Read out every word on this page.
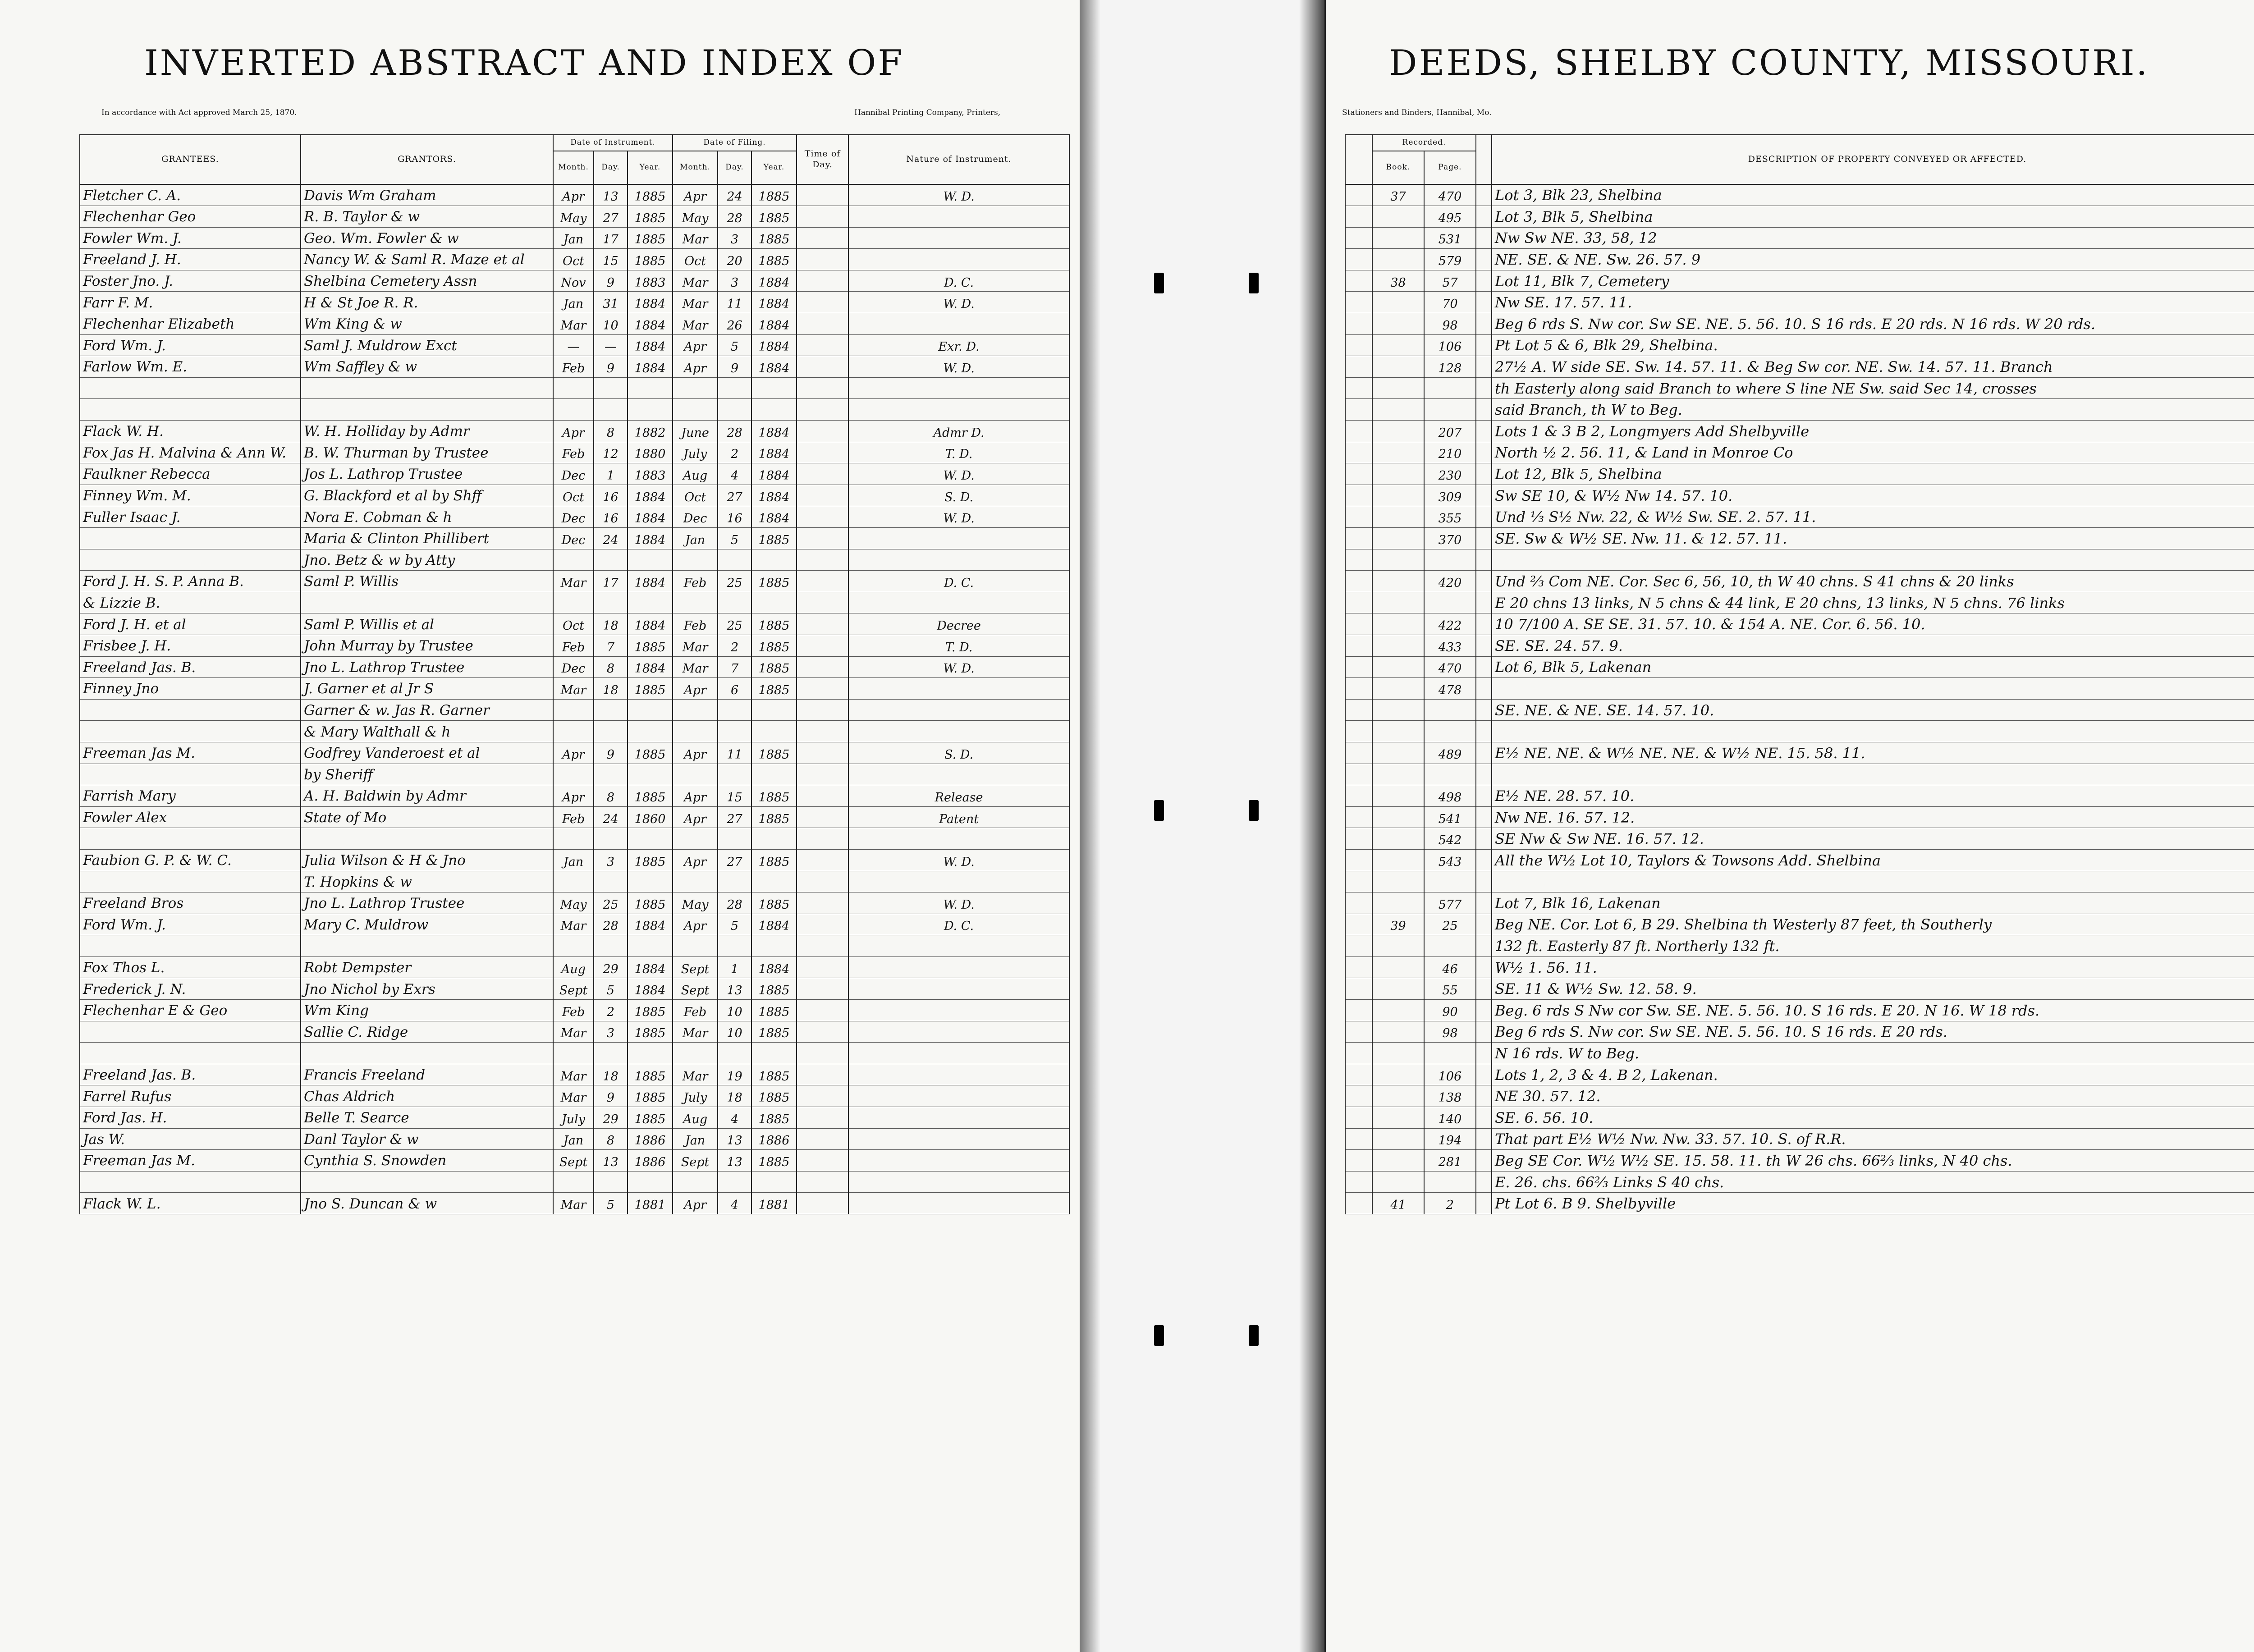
INVERTED ABSTRACT AND INDEX OF
In accordance with Act approved March 25, 1870.	Hannibal Printing Company, Printers,
GRANTEES.	GRANTORS.	Date of Instrument.			Date of Filing.			Time of Day.	Nature of Instrument.
		Month.	Day.	Year.	Month.	Day.	Year.		
Fletcher C. A.	Davis Wm Graham	Apr	13	1885	Apr	24	1885		W. D.
Flechenhar Geo	R. B. Taylor & w	May	27	1885	May	28	1885		
Fowler Wm. J.	Geo. Wm. Fowler & w	Jan	17	1885	Mar	3	1885		
Freeland J. H.	Nancy W. & Saml R. Maze et al	Oct	15	1885	Oct	20	1885		
Foster Jno. J.	Shelbina Cemetery Assn	Nov	9	1883	Mar	3	1884		D. C.
Farr F. M.	H & St Joe R. R.	Jan	31	1884	Mar	11	1884		W. D.
Flechenhar Elizabeth	Wm King & w	Mar	10	1884	Mar	26	1884		
Ford Wm. J.	Saml J. Muldrow Exct	—	—	1884	Apr	5	1884		Exr. D.
Farlow Wm. E.	Wm Saffley & w	Feb	9	1884	Apr	9	1884		W. D.

Flack W. H.	W. H. Holliday by Admr	Apr	8	1882	June	28	1884		Admr D.
Fox Jas H. Malvina & Ann W.	B. W. Thurman by Trustee	Feb	12	1880	July	2	1884		T. D.
Faulkner Rebecca	Jos L. Lathrop Trustee	Dec	1	1883	Aug	4	1884		W. D.
Finney Wm. M.	G. Blackford et al by Shff	Oct	16	1884	Oct	27	1884		S. D.
Fuller Isaac J.	Nora E. Cobman & h	Dec	16	1884	Dec	16	1884		W. D.
	Maria & Clinton Phillibert	Dec	24	1884	Jan	5	1885		
	Jno. Betz & w by Atty								
Ford J. H. S. P. Anna B.	Saml P. Willis	Mar	17	1884	Feb	25	1885		D. C.
& Lizzie B.									
Ford J. H. et al	Saml P. Willis et al	Oct	18	1884	Feb	25	1885		Decree
Frisbee J. H.	John Murray by Trustee	Feb	7	1885	Mar	2	1885		T. D.
Freeland Jas. B.	Jno L. Lathrop Trustee	Dec	8	1884	Mar	7	1885		W. D.
Finney Jno	J. Garner et al Jr S	Mar	18	1885	Apr	6	1885		
	Garner & w. Jas R. Garner								
	& Mary Walthall & h								
Freeman Jas M.	Godfrey Vanderoest et al	Apr	9	1885	Apr	11	1885		S. D.
	by Sheriff								
Farrish Mary	A. H. Baldwin by Admr	Apr	8	1885	Apr	15	1885		Release
Fowler Alex	State of Mo	Feb	24	1860	Apr	27	1885		Patent

Faubion G. P. & W. C.	Julia Wilson & H & Jno	Jan	3	1885	Apr	27	1885		W. D.
	T. Hopkins & w								
Freeland Bros	Jno L. Lathrop Trustee	May	25	1885	May	28	1885		W. D.
Ford Wm. J.	Mary C. Muldrow	Mar	28	1884	Apr	5	1884		D. C.

Fox Thos L.	Robt Dempster	Aug	29	1884	Sept	1	1884		
Frederick J. N.	Jno Nichol by Exrs	Sept	5	1884	Sept	13	1885		
Flechenhar E & Geo	Wm King	Feb	2	1885	Feb	10	1885		
	Sallie C. Ridge	Mar	3	1885	Mar	10	1885		

Freeland Jas. B.	Francis Freeland	Mar	18	1885	Mar	19	1885		
Farrel Rufus	Chas Aldrich	Mar	9	1885	July	18	1885		
Ford Jas. H.	Belle T. Searce	July	29	1885	Aug	4	1885		
Jas W.	Danl Taylor & w	Jan	8	1886	Jan	13	1886		
Freeman Jas M.	Cynthia S. Snowden	Sept	13	1886	Sept	13	1885		

Flack W. L.	Jno S. Duncan & w	Mar	5	1881	Apr	4	1881		
DEEDS, SHELBY COUNTY, MISSOURI.
Stationers and Binders, Hannibal, Mo.
	Recorded.			DESCRIPTION OF PROPERTY CONVEYED OR AFFECTED.			
	Book.	Page.					
	37	470		Lot 3, Blk 23, Shelbina			
		495		Lot 3, Blk 5, Shelbina			
		531		Nw Sw NE. 33, 58, 12			
		579		NE. SE. & NE. Sw. 26. 57. 9			
	38	57		Lot 11, Blk 7, Cemetery			
		70		Nw SE. 17. 57. 11.			
		98		Beg 6 rds S. Nw cor. Sw SE. NE. 5. 56. 10. S 16 rds. E 20 rds. N 16 rds. W 20 rds.			
		106		Pt Lot 5 & 6, Blk 29, Shelbina.			
		128		27½ A. W side SE. Sw. 14. 57. 11. & Beg Sw cor. NE. Sw. 14. 57. 11. Branch			
				th Easterly along said Branch to where S line NE Sw. said Sec 14, crosses			
				said Branch, th W to Beg.			
		207		Lots 1 & 3 B 2, Longmyers Add Shelbyville			
		210		North ½ 2. 56. 11, & Land in Monroe Co			
		230		Lot 12, Blk 5, Shelbina			
		309		Sw SE 10, & W½ Nw 14. 57. 10.			
		355		Und ⅓ S½ Nw. 22, & W½ Sw. SE. 2. 57. 11.			
		370		SE. Sw & W½ SE. Nw. 11. & 12. 57. 11.			

		420		Und ⅔ Com NE. Cor. Sec 6, 56, 10, th W 40 chns. S 41 chns & 20 links			
				E 20 chns 13 links, N 5 chns & 44 link, E 20 chns, 13 links, N 5 chns. 76 links			
		422		10 7/100 A. SE SE. 31. 57. 10. & 154 A. NE. Cor. 6. 56. 10.			
		433		SE. SE. 24. 57. 9.			
		470		Lot 6, Blk 5, Lakenan			
		478					
				SE. NE. & NE. SE. 14. 57. 10.			

		489		E½ NE. NE. & W½ NE. NE. & W½ NE. 15. 58. 11.			

		498		E½ NE. 28. 57. 10.			
		541		Nw NE. 16. 57. 12.			
		542		SE Nw & Sw NE. 16. 57. 12.			
		543		All the W½ Lot 10, Taylors & Towsons Add. Shelbina			

		577		Lot 7, Blk 16, Lakenan			
	39	25		Beg NE. Cor. Lot 6, B 29. Shelbina th Westerly 87 feet, th Southerly			
				132 ft. Easterly 87 ft. Northerly 132 ft.			
		46		W½ 1. 56. 11.			
		55		SE. 11 & W½ Sw. 12. 58. 9.			
		90		Beg. 6 rds S Nw cor Sw. SE. NE. 5. 56. 10. S 16 rds. E 20. N 16. W 18 rds.			
		98		Beg 6 rds S. Nw cor. Sw SE. NE. 5. 56. 10. S 16 rds. E 20 rds.			
				N 16 rds. W to Beg.			
		106		Lots 1, 2, 3 & 4. B 2, Lakenan.			
		138		NE 30. 57. 12.			
		140		SE. 6. 56. 10.			
		194		That part E½ W½ Nw. Nw. 33. 57. 10. S. of R.R.			
		281		Beg SE Cor. W½ W½ SE. 15. 58. 11. th W 26 chs. 66⅔ links, N 40 chs.			
				E. 26. chs. 66⅔ Links S 40 chs.			
	41	2		Pt Lot 6. B 9. Shelbyville			
